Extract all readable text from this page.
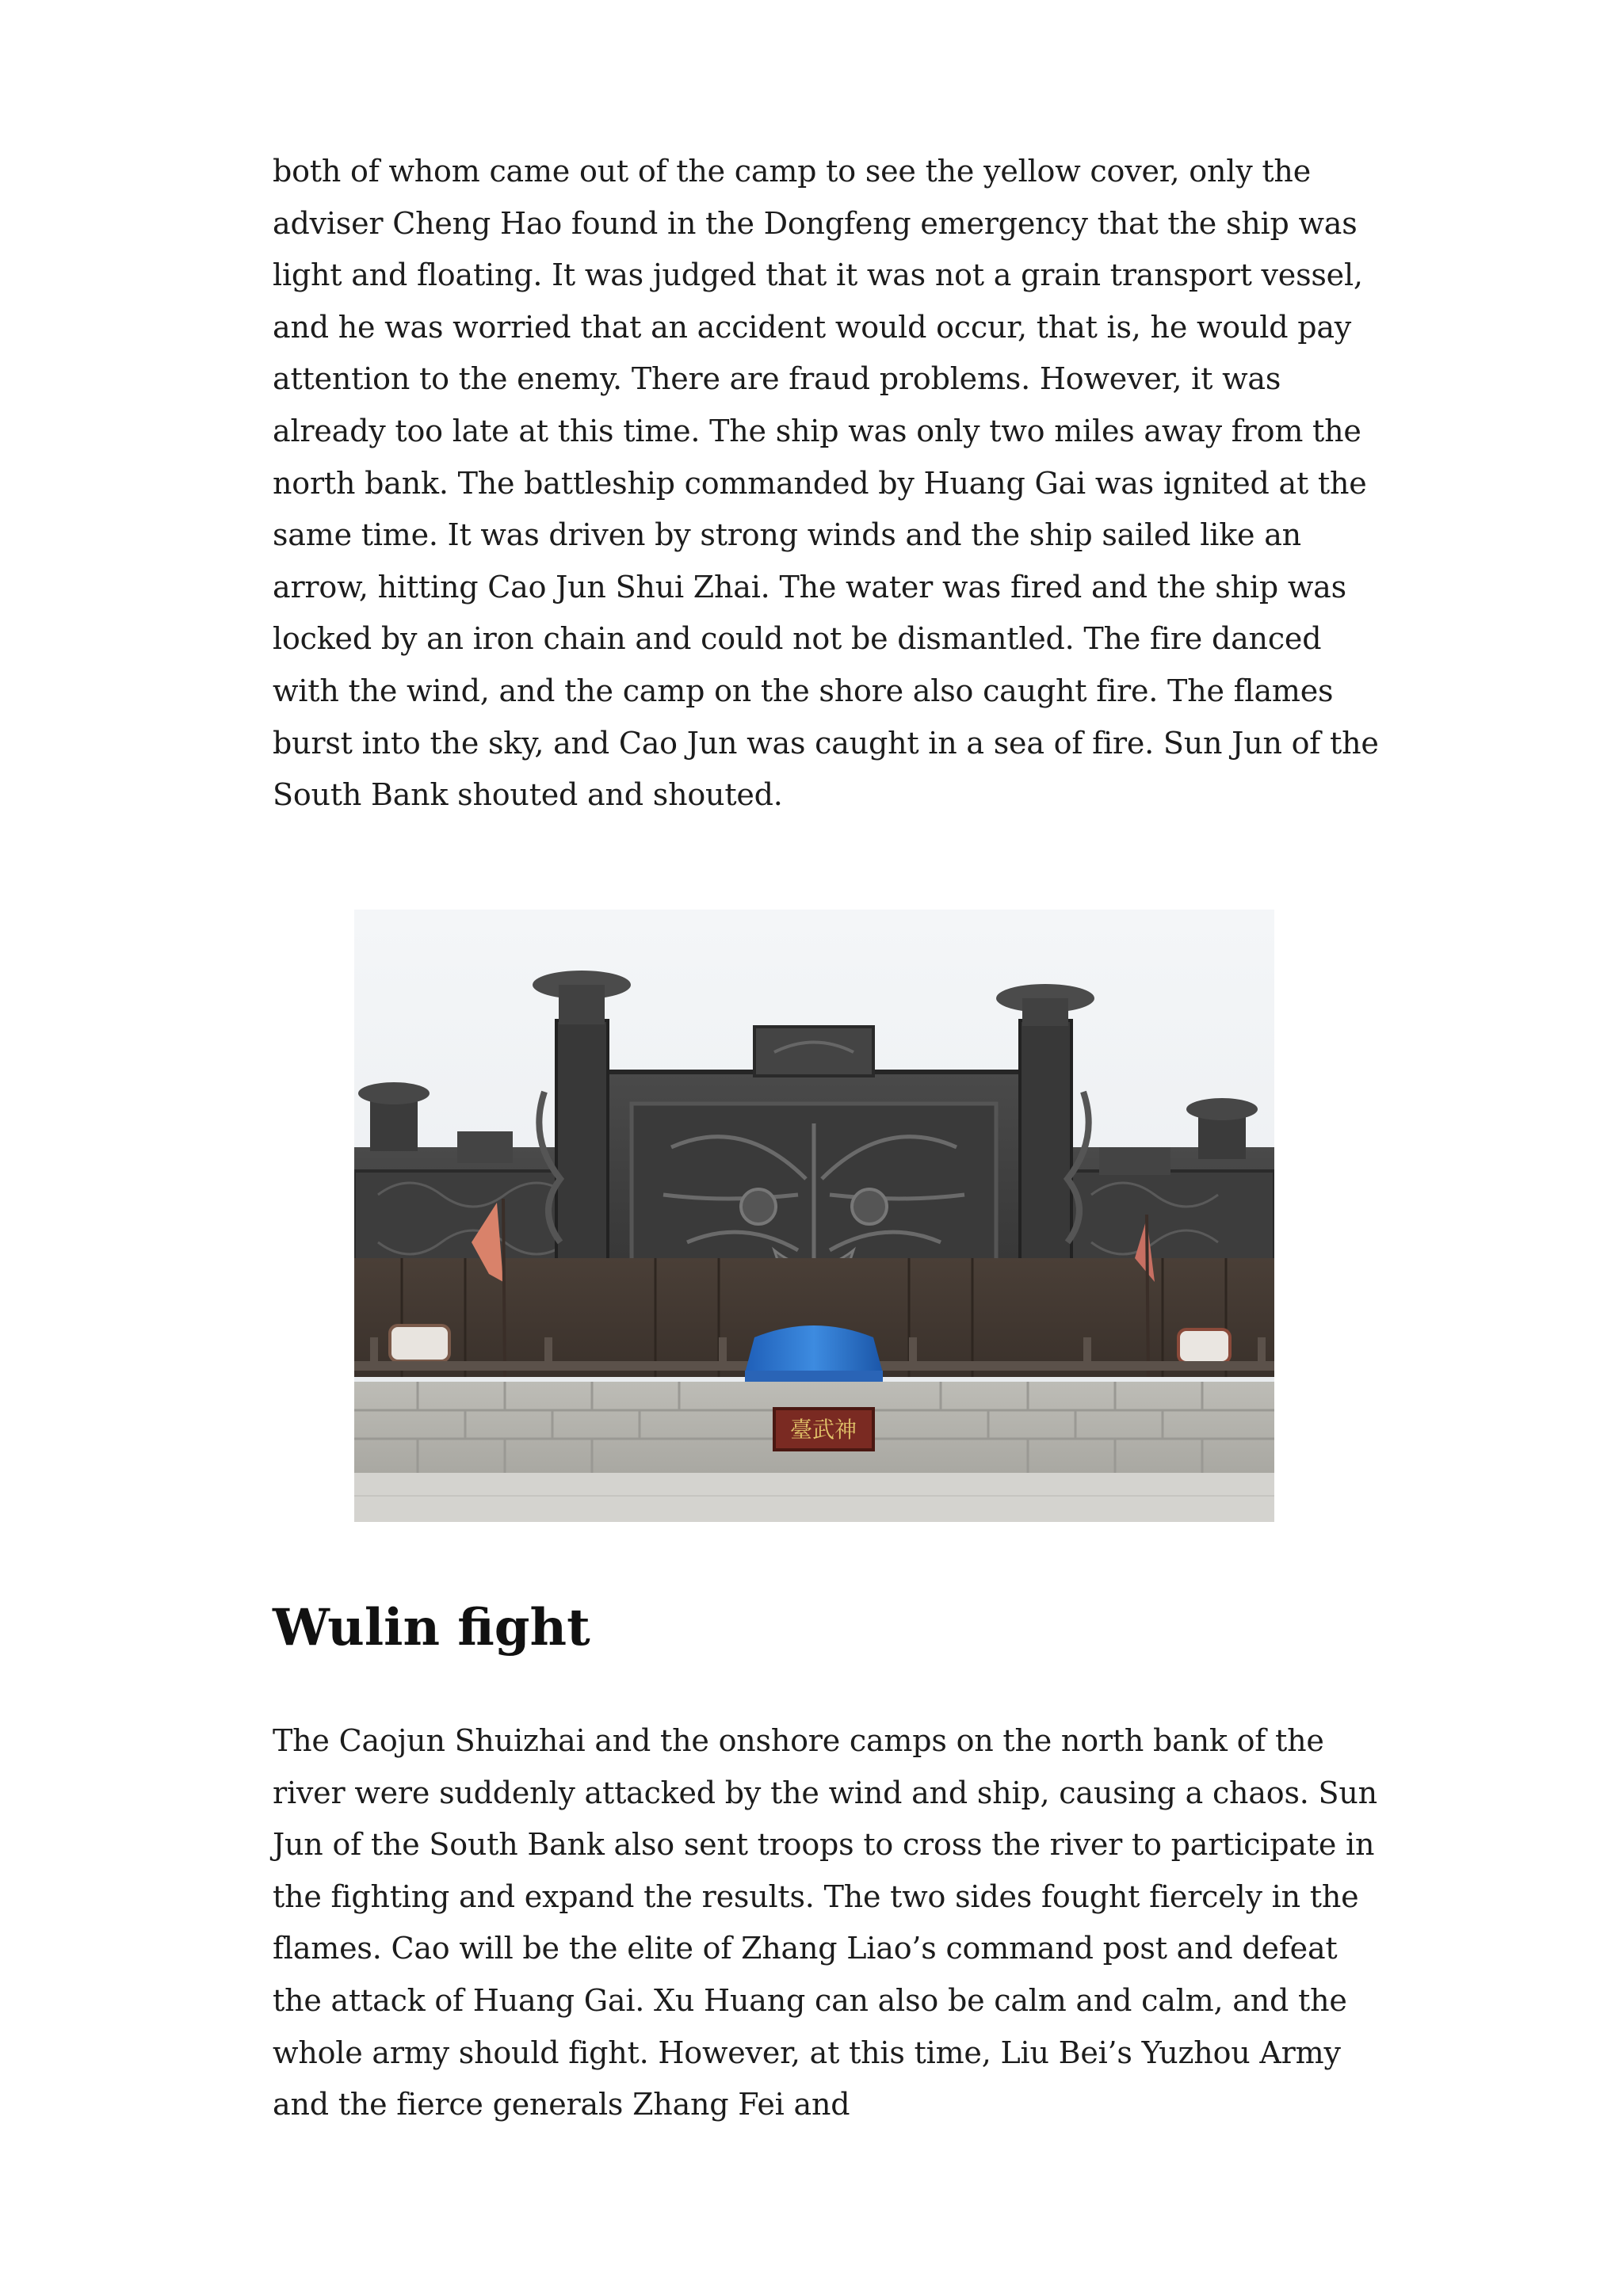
both of whom came out of the camp to see the yellow cover, only the adviser Cheng Hao found in the Dongfeng emergency that the ship was light and floating. It was judged that it was not a grain transport vessel, and he was worried that an accident would occur, that is, he would pay attention to the enemy. There are fraud problems. However, it was already too late at this time. The ship was only two miles away from the north bank. The battleship commanded by Huang Gai was ignited at the same time. It was driven by strong winds and the ship sailed like an arrow, hitting Cao Jun Shui Zhai. The water was fired and the ship was locked by an iron chain and could not be dismantled. The fire danced with the wind, and the camp on the shore also caught fire. The flames burst into the sky, and Cao Jun was caught in a sea of fire. Sun Jun of the South Bank shouted and shouted.

臺武神
Wulin fight

The Caojun Shuizhai and the onshore camps on the north bank of the river were suddenly attacked by the wind and ship, causing a chaos. Sun Jun of the South Bank also sent troops to cross the river to participate in the fighting and expand the results. The two sides fought fiercely in the flames. Cao will be the elite of Zhang Liao’s command post and defeat the attack of Huang Gai. Xu Huang can also be calm and calm, and the whole army should fight. However, at this time, Liu Bei’s Yuzhou Army and the fierce generals Zhang Fei and
